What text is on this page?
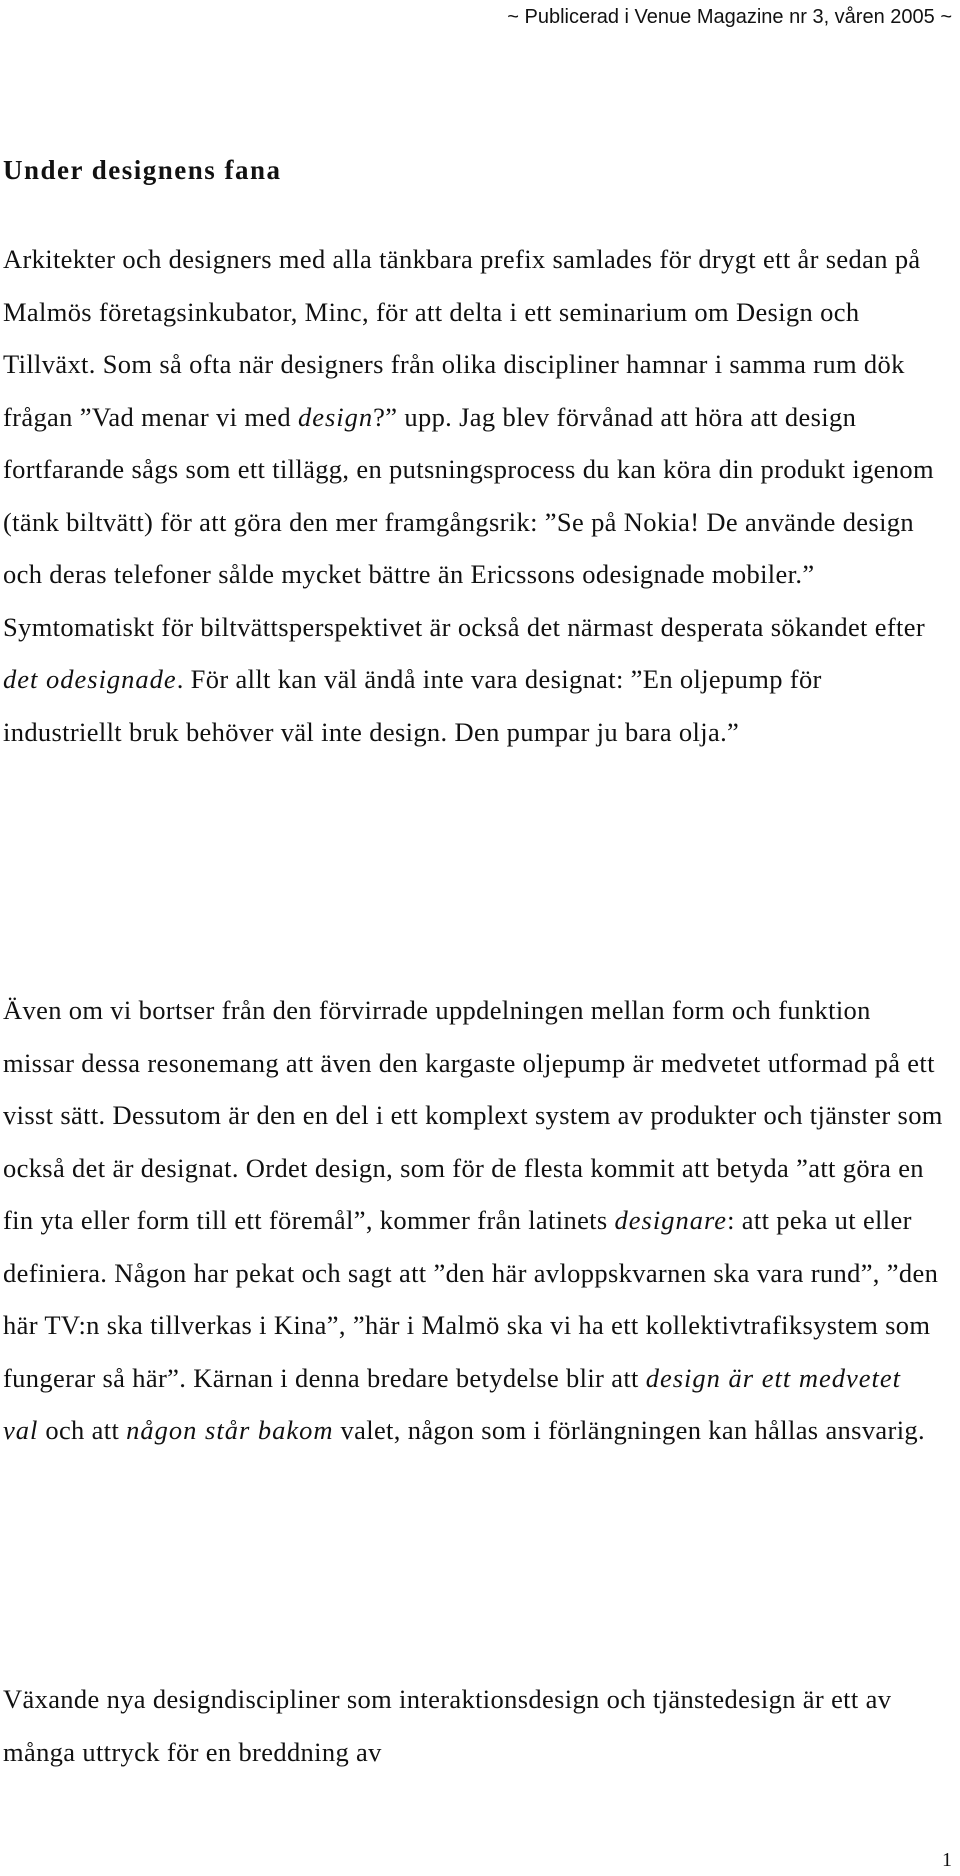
~ Publicerad i Venue Magazine nr 3, våren 2005 ~
Under designens fana

Arkitekter och designers med alla tänkbara prefix samlades för drygt ett år sedan på Malmös företagsinkubator, Minc, för att delta i ett seminarium om Design och Tillväxt. Som så ofta när designers från olika discipliner hamnar i samma rum dök frågan ”Vad menar vi med design?” upp. Jag blev förvånad att höra att design fortfarande sågs som ett tillägg, en putsningsprocess du kan köra din produkt igenom (tänk biltvätt) för att göra den mer framgångsrik: ”Se på Nokia! De använde design och deras telefoner sålde mycket bättre än Ericssons odesignade mobiler.” Symtomatiskt för biltvättsperspektivet är också det närmast desperata sökandet efter det odesignade. För allt kan väl ändå inte vara designat: ”En oljepump för industriellt bruk behöver väl inte design. Den pumpar ju bara olja.”

Även om vi bortser från den förvirrade uppdelningen mellan form och funktion missar dessa resonemang att även den kargaste oljepump är medvetet utformad på ett visst sätt. Dessutom är den en del i ett komplext system av produkter och tjänster som också det är designat. Ordet design, som för de flesta kommit att betyda ”att göra en fin yta eller form till ett föremål”, kommer från latinets designare: att peka ut eller definiera. Någon har pekat och sagt att ”den här avloppskvarnen ska vara rund”, ”den här TV:n ska tillverkas i Kina”, ”här i Malmö ska vi ha ett kollektivtrafiksystem som fungerar så här”. Kärnan i denna bredare betydelse blir att design är ett medvetet val och att någon står bakom valet, någon som i förlängningen kan hållas ansvarig.

Växande nya designdiscipliner som interaktionsdesign och tjänstedesign är ett av många uttryck för en breddning av

1
